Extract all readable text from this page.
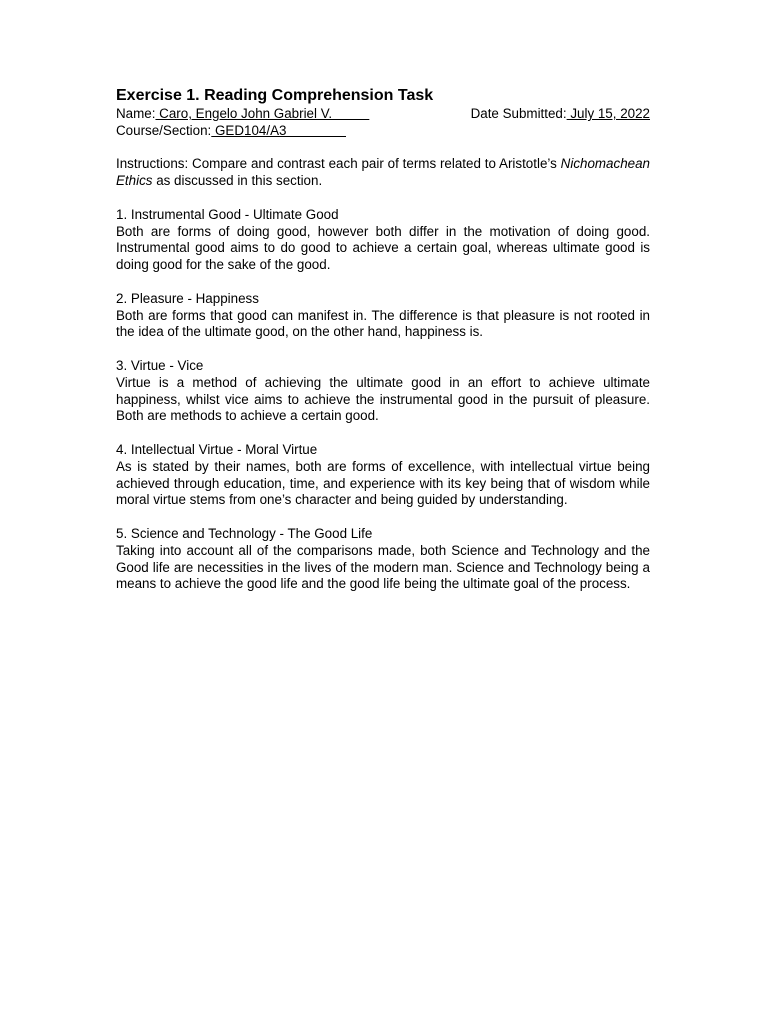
Exercise 1. Reading Comprehension Task

Name: Caro, Engelo John Gabriel V.	Date Submitted: July 15, 2022

Course/Section: GED104/A3

Instructions: Compare and contrast each pair of terms related to Aristotle’s Nichomachean Ethics as discussed in this section.

1. Instrumental Good - Ultimate Good

Both are forms of doing good, however both differ in the motivation of doing good. Instrumental good aims to do good to achieve a certain goal, whereas ultimate good is doing good for the sake of the good.

2. Pleasure - Happiness

Both are forms that good can manifest in. The difference is that pleasure is not rooted in the idea of the ultimate good, on the other hand, happiness is.

3. Virtue - Vice

Virtue is a method of achieving the ultimate good in an effort to achieve ultimate happiness, whilst vice aims to achieve the instrumental good in the pursuit of pleasure. Both are methods to achieve a certain good.

4. Intellectual Virtue - Moral Virtue

As is stated by their names, both are forms of excellence, with intellectual virtue being achieved through education, time, and experience with its key being that of wisdom while moral virtue stems from one’s character and being guided by understanding.

5. Science and Technology - The Good Life

Taking into account all of the comparisons made, both Science and Technology and the Good life are necessities in the lives of the modern man. Science and Technology being a means to achieve the good life and the good life being the ultimate goal of the process.
